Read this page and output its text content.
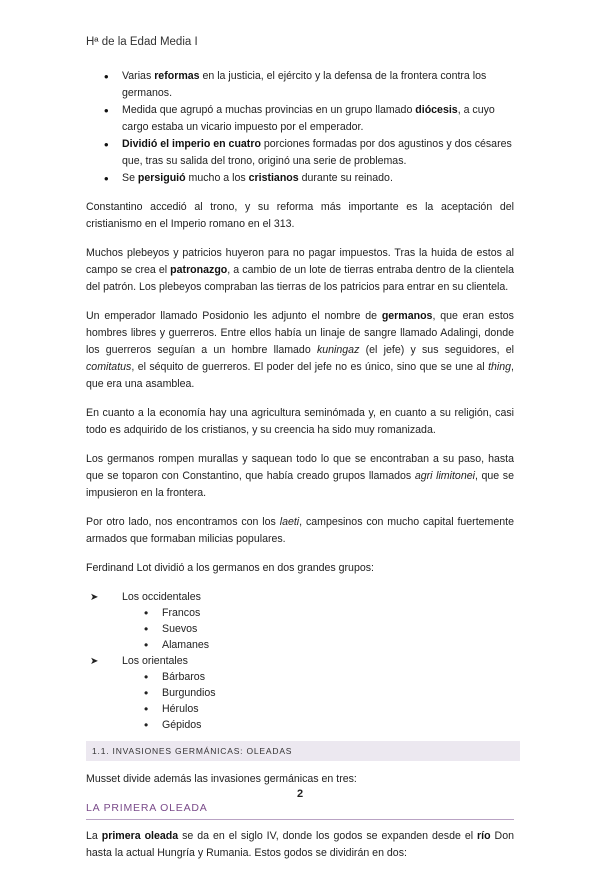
Hª de la Edad Media I
• Varias reformas en la justicia, el ejército y la defensa de la frontera contra los germanos.
• Medida que agrupó a muchas provincias en un grupo llamado diócesis, a cuyo cargo estaba un vicario impuesto por el emperador.
• Dividió el imperio en cuatro porciones formadas por dos agustinos y dos césares que, tras su salida del trono, originó una serie de problemas.
• Se persiguió mucho a los cristianos durante su reinado.

Constantino accedió al trono, y su reforma más importante es la aceptación del cristianismo en el Imperio romano en el 313.

Muchos plebeyos y patricios huyeron para no pagar impuestos. Tras la huida de estos al campo se crea el patronazgo, a cambio de un lote de tierras entraba dentro de la clientela del patrón. Los plebeyos compraban las tierras de los patricios para entrar en su clientela.

Un emperador llamado Posidonio les adjunto el nombre de germanos, que eran estos hombres libres y guerreros. Entre ellos había un linaje de sangre llamado Adalingi, donde los guerreros seguían a un hombre llamado kuningaz (el jefe) y sus seguidores, el comitatus, el séquito de guerreros. El poder del jefe no es único, sino que se une al thing, que era una asamblea.

En cuanto a la economía hay una agricultura seminómada y, en cuanto a su religión, casi todo es adquirido de los cristianos, y su creencia ha sido muy romanizada.

Los germanos rompen murallas y saquean todo lo que se encontraban a su paso, hasta que se toparon con Constantino, que había creado grupos llamados agri limitonei, que se impusieron en la frontera.

Por otro lado, nos encontramos con los laeti, campesinos con mucho capital fuertemente armados que formaban milicias populares.

Ferdinand Lot dividió a los germanos en dos grandes grupos:

➤ Los occidentales
• Francos
• Suevos
• Alamanes
➤ Los orientales
• Bárbaros
• Burgundios
• Hérulos
• Gépidos
1.1. INVASIONES GERMÁNICAS: OLEADAS

Musset divide además las invasiones germánicas en tres:

LA PRIMERA OLEADA

La primera oleada se da en el siglo IV, donde los godos se expanden desde el río Don hasta la actual Hungría y Rumania. Estos godos se dividirán en dos:

2
